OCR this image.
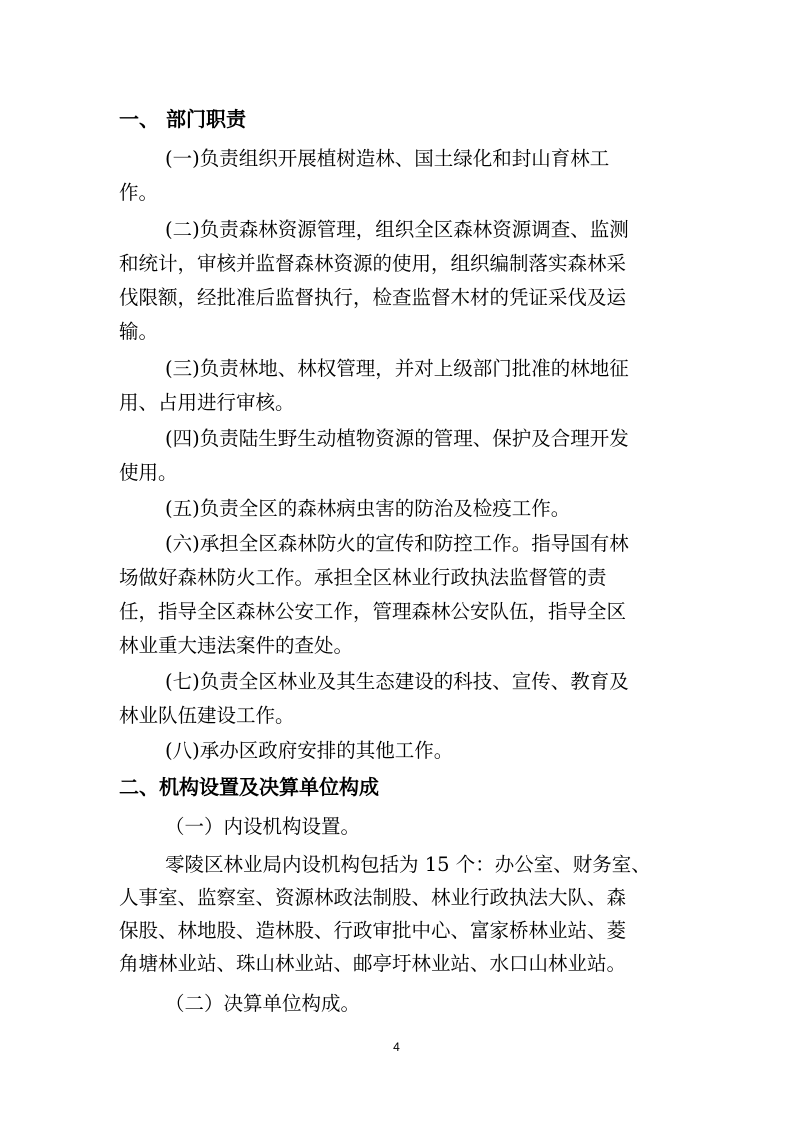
一、 部门职责
(一)负责组织开展植树造林、国土绿化和封山育林工
作。
(二)负责森林资源管理，组织全区森林资源调查、监测
和统计，审核并监督森林资源的使用，组织编制落实森林采
伐限额，经批准后监督执行，检查监督木材的凭证采伐及运
输。
(三)负责林地、林权管理，并对上级部门批准的林地征
用、占用进行审核。
(四)负责陆生野生动植物资源的管理、保护及合理开发
使用。
(五)负责全区的森林病虫害的防治及检疫工作。
(六)承担全区森林防火的宣传和防控工作。指导国有林
场做好森林防火工作。承担全区林业行政执法监督管的责
任，指导全区森林公安工作，管理森林公安队伍，指导全区
林业重大违法案件的查处。
(七)负责全区林业及其生态建设的科技、宣传、教育及
林业队伍建设工作。
(八)承办区政府安排的其他工作。
二、机构设置及决算单位构成
（一）内设机构设置。
零陵区林业局内设机构包括为 15 个：办公室、财务室、
人事室、监察室、资源林政法制股、林业行政执法大队、森
保股、林地股、造林股、行政审批中心、富家桥林业站、菱
角塘林业站、珠山林业站、邮亭圩林业站、水口山林业站。
（二）决算单位构成。
4
